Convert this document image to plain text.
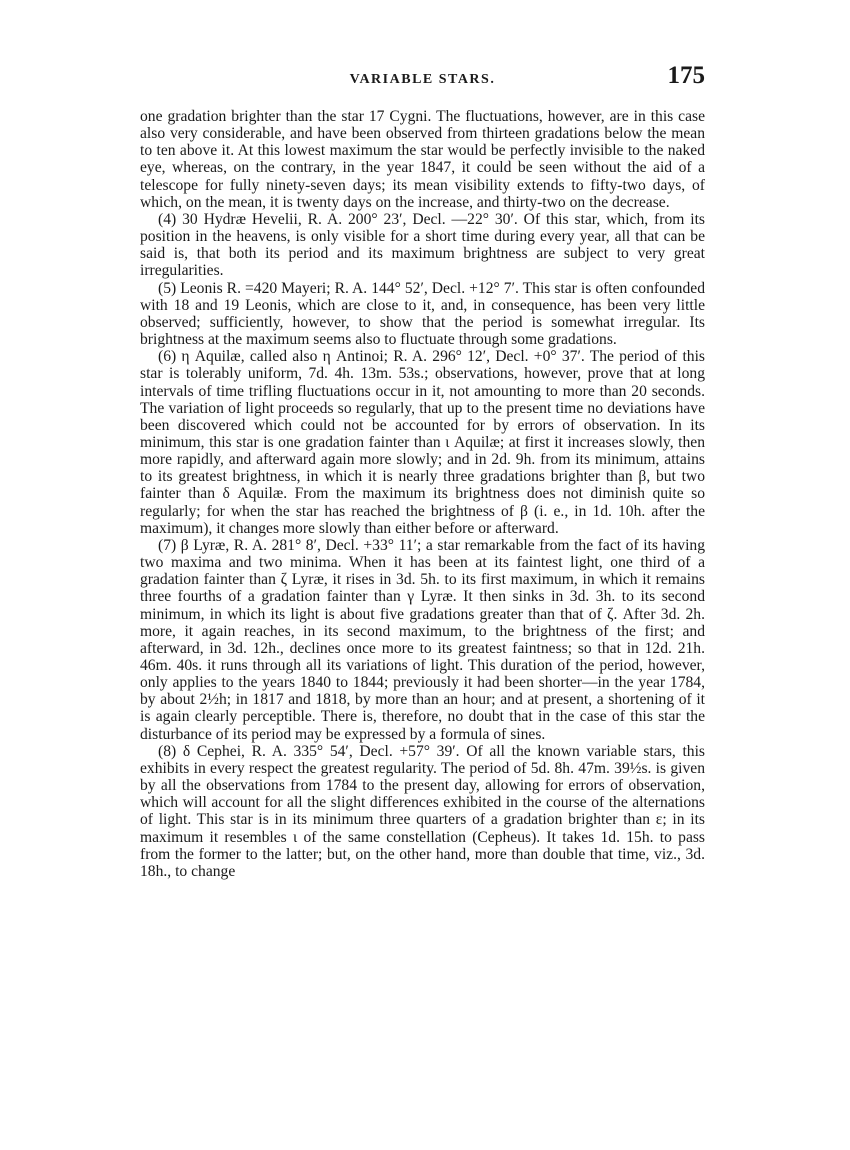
VARIABLE STARS.	175

one gradation brighter than the star 17 Cygni. The fluctuations, however, are in this case also very considerable, and have been observed from thirteen gradations below the mean to ten above it. At this lowest maximum the star would be perfectly invisible to the naked eye, whereas, on the contrary, in the year 1847, it could be seen without the aid of a telescope for fully ninety-seven days; its mean visibility extends to fifty-two days, of which, on the mean, it is twenty days on the increase, and thirty-two on the decrease.

(4) 30 Hydræ Hevelii, R. A. 200° 23′, Decl. —22° 30′. Of this star, which, from its position in the heavens, is only visible for a short time during every year, all that can be said is, that both its period and its maximum brightness are subject to very great irregularities.

(5) Leonis R. =420 Mayeri; R. A. 144° 52′, Decl. +12° 7′. This star is often confounded with 18 and 19 Leonis, which are close to it, and, in consequence, has been very little observed; sufficiently, however, to show that the period is somewhat irregular. Its brightness at the maximum seems also to fluctuate through some gradations.

(6) η Aquilæ, called also η Antinoi; R. A. 296° 12′, Decl. +0° 37′. The period of this star is tolerably uniform, 7d. 4h. 13m. 53s.; observations, however, prove that at long intervals of time trifling fluctuations occur in it, not amounting to more than 20 seconds. The variation of light proceeds so regularly, that up to the present time no deviations have been discovered which could not be accounted for by errors of observation. In its minimum, this star is one gradation fainter than ι Aquilæ; at first it increases slowly, then more rapidly, and afterward again more slowly; and in 2d. 9h. from its minimum, attains to its greatest brightness, in which it is nearly three gradations brighter than β, but two fainter than δ Aquilæ. From the maximum its brightness does not diminish quite so regularly; for when the star has reached the brightness of β (i. e., in 1d. 10h. after the maximum), it changes more slowly than either before or afterward.

(7) β Lyræ, R. A. 281° 8′, Decl. +33° 11′; a star remarkable from the fact of its having two maxima and two minima. When it has been at its faintest light, one third of a gradation fainter than ζ Lyræ, it rises in 3d. 5h. to its first maximum, in which it remains three fourths of a gradation fainter than γ Lyræ. It then sinks in 3d. 3h. to its second minimum, in which its light is about five gradations greater than that of ζ. After 3d. 2h. more, it again reaches, in its second maximum, to the brightness of the first; and afterward, in 3d. 12h., declines once more to its greatest faintness; so that in 12d. 21h. 46m. 40s. it runs through all its variations of light. This duration of the period, however, only applies to the years 1840 to 1844; previously it had been shorter—in the year 1784, by about 2½h; in 1817 and 1818, by more than an hour; and at present, a shortening of it is again clearly perceptible. There is, therefore, no doubt that in the case of this star the disturbance of its period may be expressed by a formula of sines.

(8) δ Cephei, R. A. 335° 54′, Decl. +57° 39′. Of all the known variable stars, this exhibits in every respect the greatest regularity. The period of 5d. 8h. 47m. 39½s. is given by all the observations from 1784 to the present day, allowing for errors of observation, which will account for all the slight differences exhibited in the course of the alternations of light. This star is in its minimum three quarters of a gradation brighter than ε; in its maximum it resembles ι of the same constellation (Cepheus). It takes 1d. 15h. to pass from the former to the latter; but, on the other hand, more than double that time, viz., 3d. 18h., to change
